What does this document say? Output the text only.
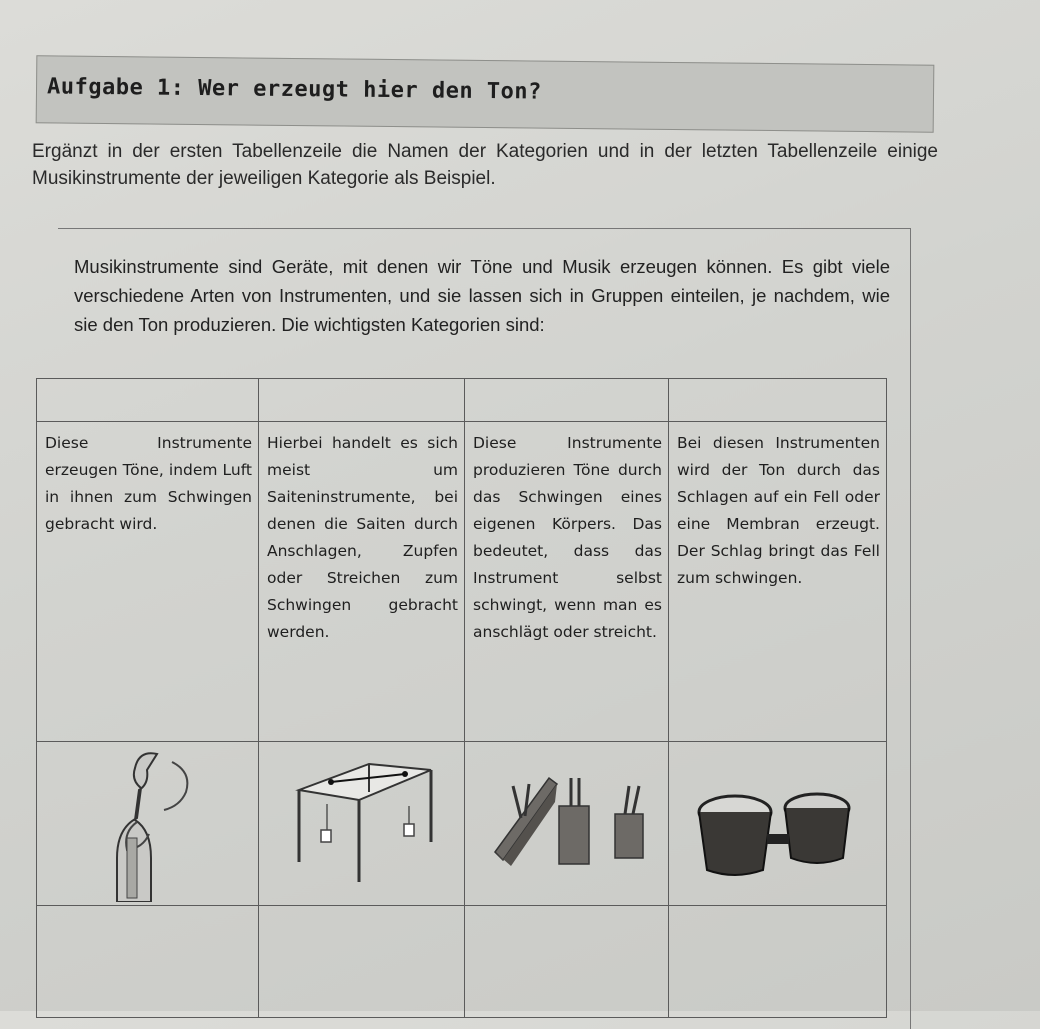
Aufgabe 1: Wer erzeugt hier den Ton?
Ergänzt in der ersten Tabellenzeile die Namen der Kategorien und in der letzten Tabellenzeile einige Musikinstrumente der jeweiligen Kategorie als Beispiel.
Musikinstrumente sind Geräte, mit denen wir Töne und Musik erzeugen können. Es gibt viele verschiedene Arten von Instrumenten, und sie lassen sich in Gruppen einteilen, je nachdem, wie sie den Ton produzieren. Die wichtigsten Kategorien sind:

Diese Instrumente erzeugen Töne, indem Luft in ihnen zum Schwingen gebracht wird.	Hierbei handelt es sich meist um Saiteninstrumente, bei denen die Saiten durch Anschlagen, Zupfen oder Streichen zum Schwingen gebracht werden.	Diese Instrumente produzieren Töne durch das Schwingen eines eigenen Körpers. Das bedeutet, dass das Instrument selbst schwingt, wenn man es anschlägt oder streicht.	Bei diesen Instrumenten wird der Ton durch das Schlagen auf ein Fell oder eine Membran erzeugt. Der Schlag bringt das Fell zum schwingen.
